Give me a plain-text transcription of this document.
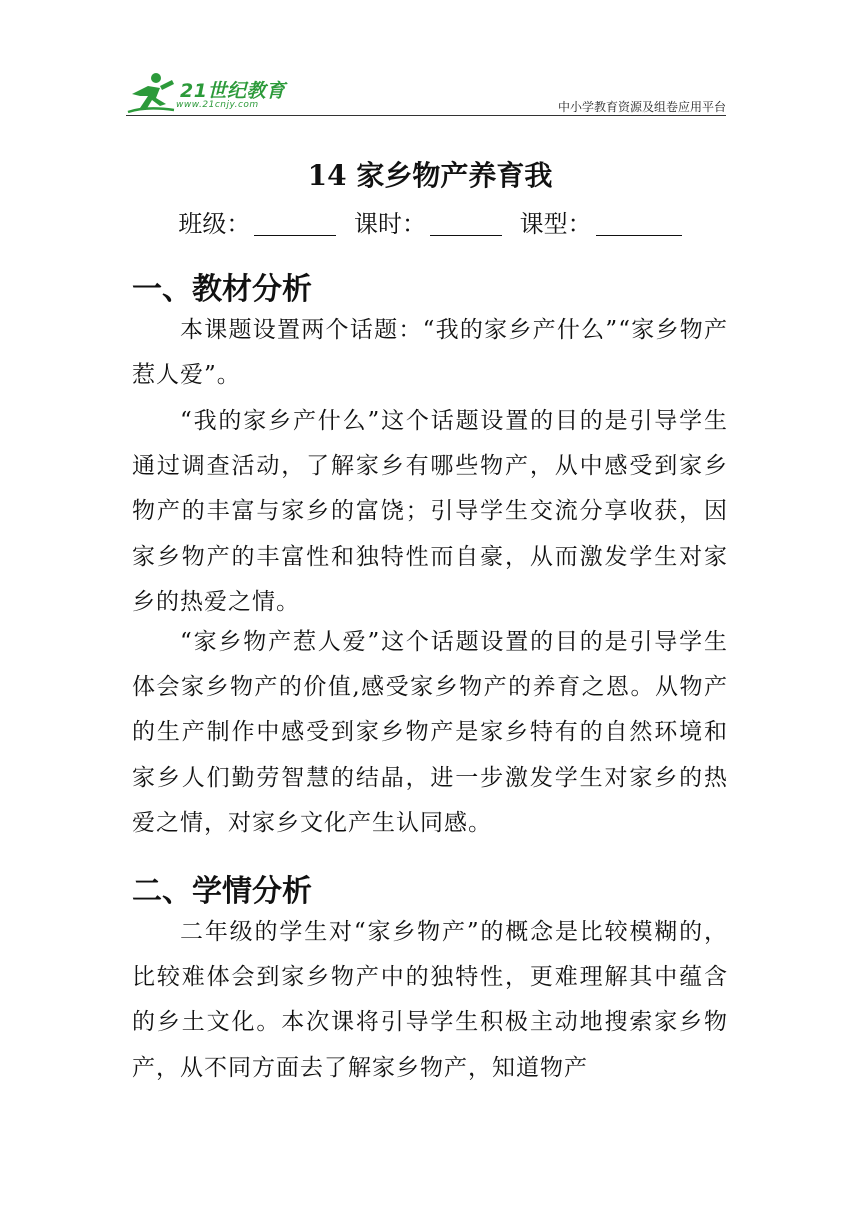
21世纪教育
www.21cnjy.com	中小学教育资源及组卷应用平台
14 家乡物产养育我
班级：	课时：	课型：
一、教材分析

本课题设置两个话题：“我的家乡产什么”“家乡物产惹人爱”。

“我的家乡产什么”这个话题设置的目的是引导学生通过调查活动，了解家乡有哪些物产，从中感受到家乡物产的丰富与家乡的富饶；引导学生交流分享收获，因家乡物产的丰富性和独特性而自豪，从而激发学生对家乡的热爱之情。

“家乡物产惹人爱”这个话题设置的目的是引导学生体会家乡物产的价值,感受家乡物产的养育之恩。从物产的生产制作中感受到家乡物产是家乡特有的自然环境和家乡人们勤劳智慧的结晶，进一步激发学生对家乡的热爱之情，对家乡文化产生认同感。

二、学情分析

二年级的学生对“家乡物产”的概念是比较模糊的，比较难体会到家乡物产中的独特性，更难理解其中蕴含的乡土文化。本次课将引导学生积极主动地搜索家乡物产，从不同方面去了解家乡物产，知道物产
